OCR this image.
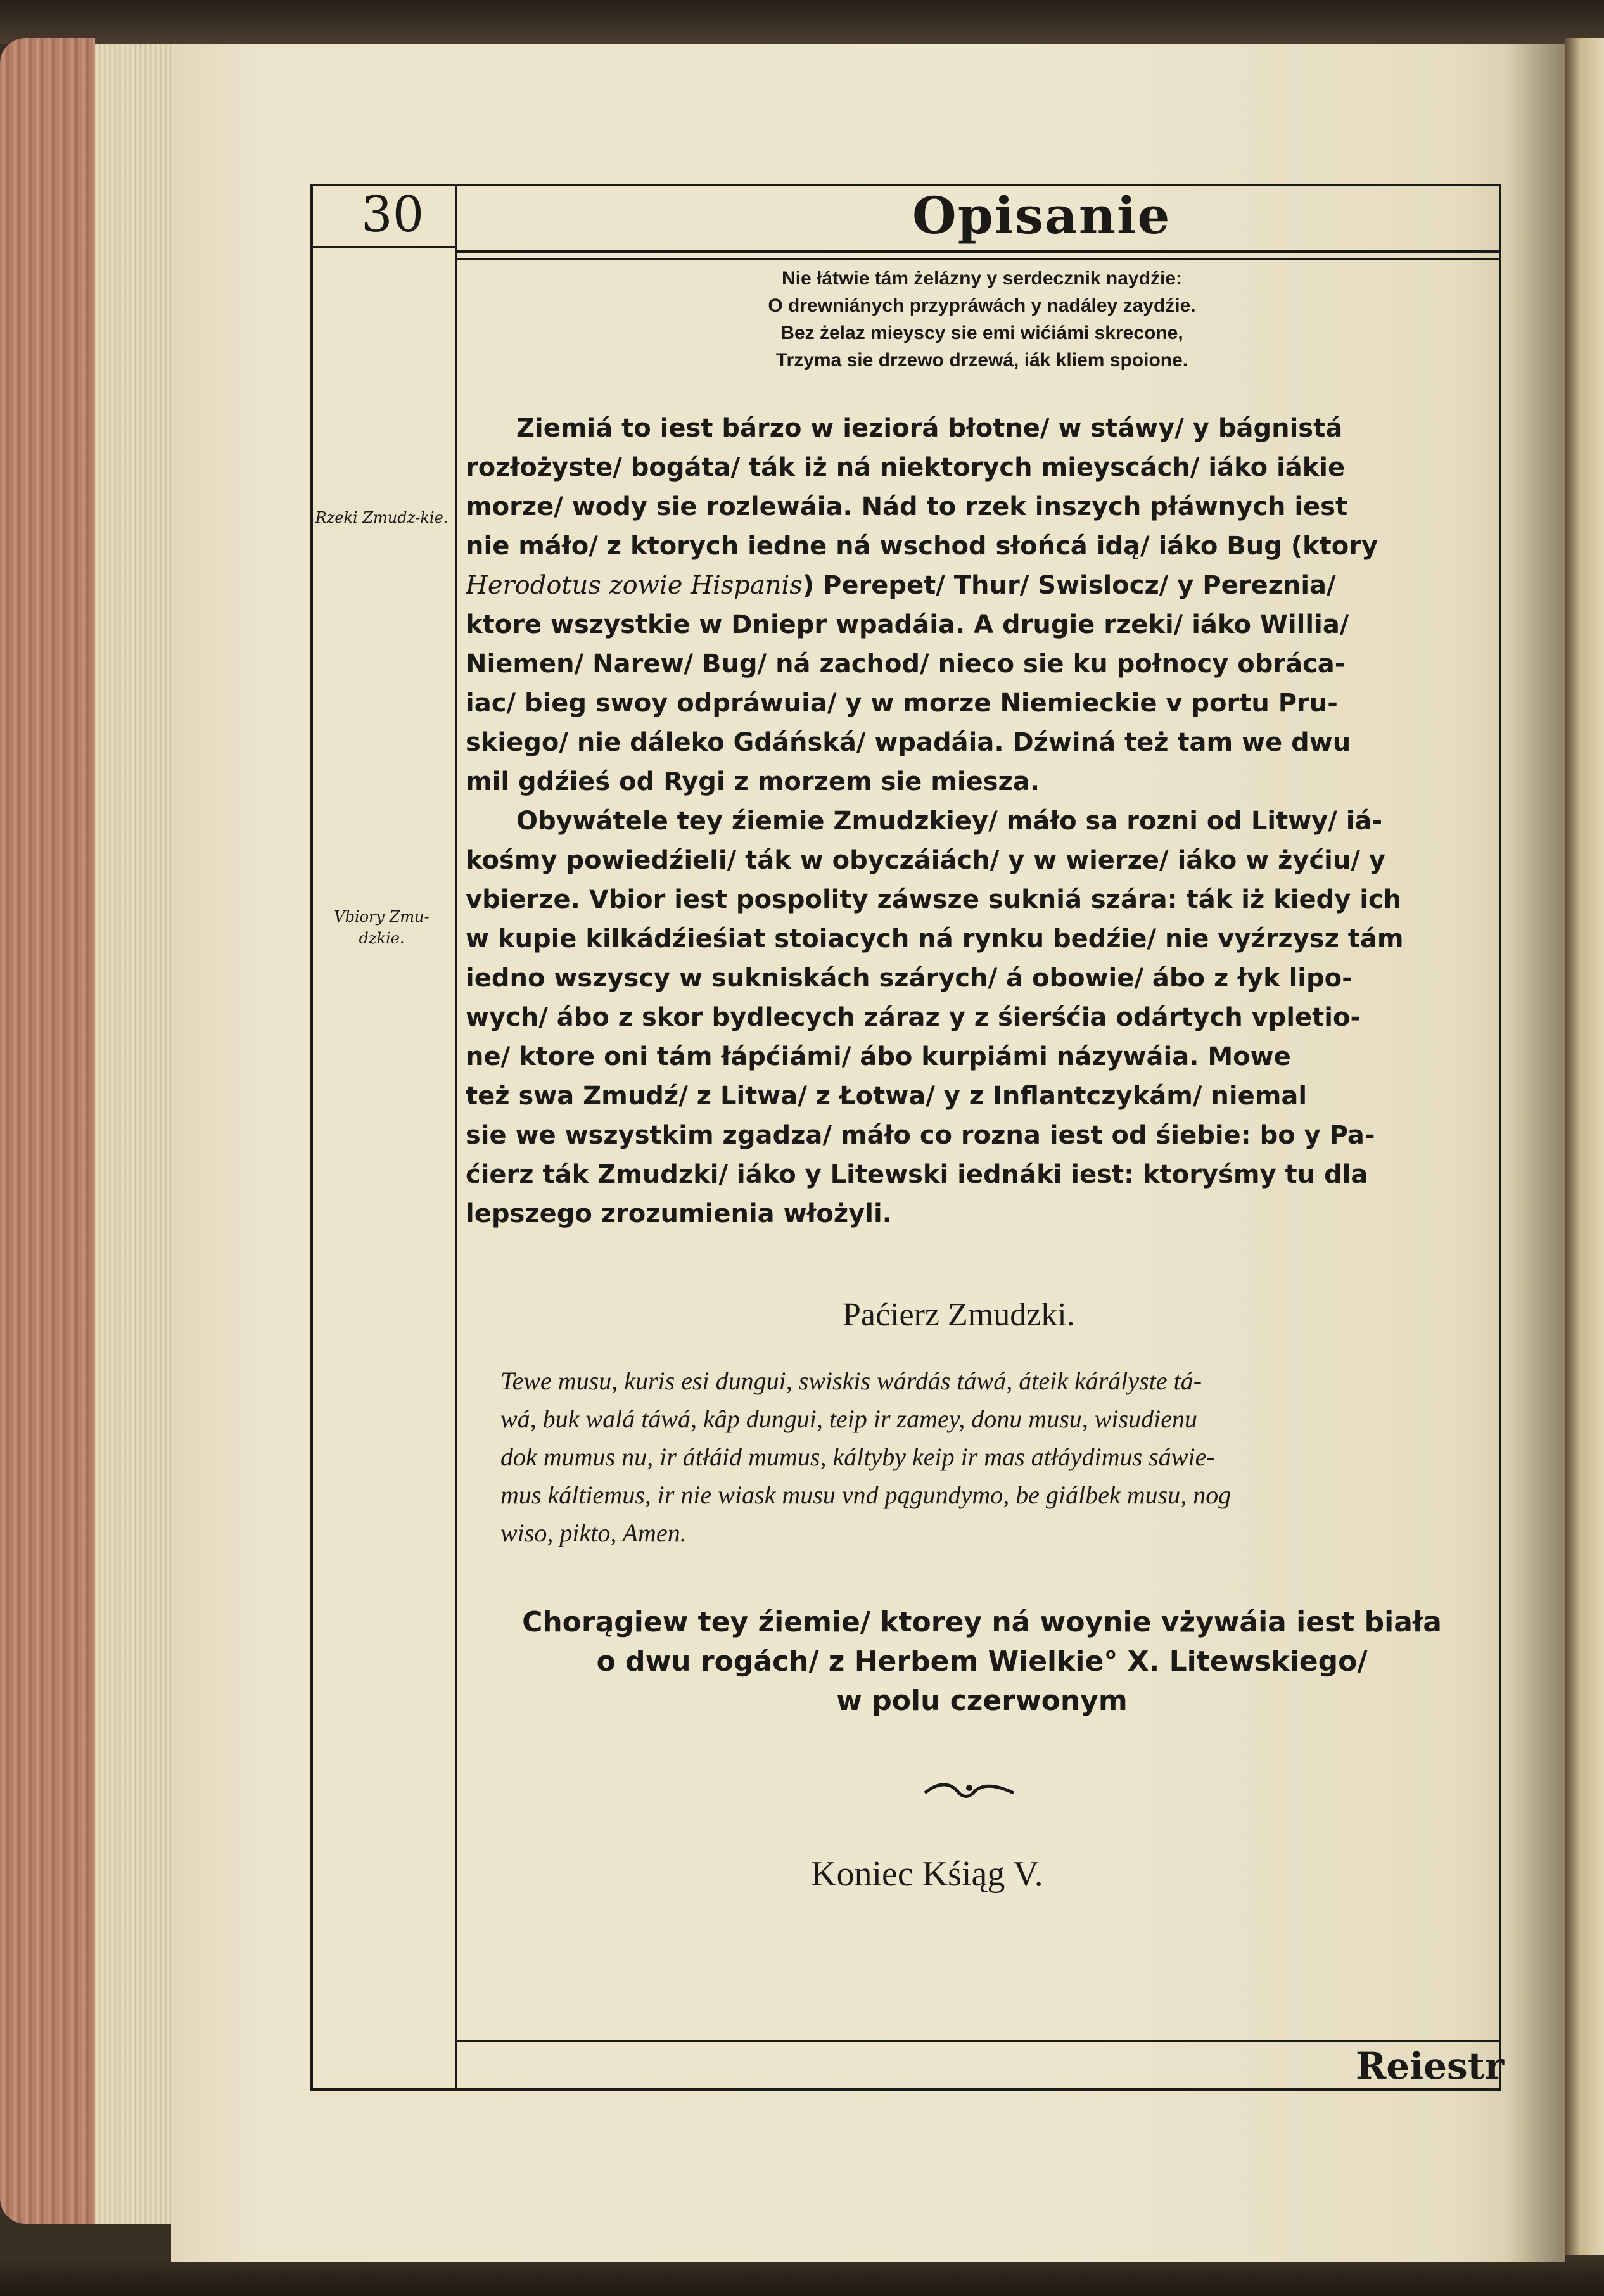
30	Opisanie
Nie łátwie tám żelázny y serdecznik naydźie:
O drewniánych przypráwách y nadáley zaydźie.
Bez żelaz mieyscy sie emi wićiámi skrecone,
Trzyma sie drzewo drzewá, iák kliem spoione.
Ziemiá to iest bárzo w ieziorá błotne/ w stáwy/ y bágnistá
rozłożyste/ bogáta/ ták iż ná niektorych mieyscách/ iáko iákie
morze/ wody sie rozlewáia. Nád to rzek inszych płáwnych iest
nie máło/ z ktorych iedne ná wschod słońcá idą/ iáko Bug (ktory
Herodotus zowie Hispanis) Perepet/ Thur/ Swislocz/ y Pereznia/
ktore wszystkie w Dniepr wpadáia. A drugie rzeki/ iáko Willia/
Niemen/ Narew/ Bug/ ná zachod/ nieco sie ku połnocy obráca-
iac/ bieg swoy odpráwuia/ y w morze Niemieckie v portu Pru-
skiego/ nie dáleko Gdáńská/ wpadáia. Dźwiná też tam we dwu
mil gdźieś od Rygi z morzem sie miesza.
Obywátele tey źiemie Zmudzkiey/ máło sa rozni od Litwy/ iá-
kośmy powiedźieli/ ták w obyczáiách/ y w wierze/ iáko w żyćiu/ y
vbierze. Vbior iest pospolity záwsze sukniá szára: ták iż kiedy ich
w kupie kilkádźieśiat stoiacych ná rynku bedźie/ nie vyźrzysz tám
iedno wszyscy w sukniskách szárych/ á obowie/ ábo z łyk lipo-
wych/ ábo z skor bydlecych záraz y z śierśćia odártych vpletio-
ne/ ktore oni tám łápćiámi/ ábo kurpiámi názywáia. Mowe
też swa Zmudź/ z Litwa/ z Łotwa/ y z Inflantczykám/ niemal
sie we wszystkim zgadza/ máło co rozna iest od śiebie: bo y Pa-
ćierz ták Zmudzki/ iáko y Litewski iednáki iest: ktoryśmy tu dla
lepszego zrozumienia włożyli.
Rzeki Zmudz-kie.
Vbiory Zmu-dzkie.
Paćierz Zmudzki.
Tewe musu, kuris esi dungui, swiskis wárdás táwá, áteik kárályste tá-
wá, buk walá táwá, kâp dungui, teip ir zamey, donu musu, wisudienu
dok mumus nu, ir átłáid mumus, káltyby keip ir mas atłáydimus sáwie-
mus káltiemus, ir nie wiask musu vnd pągundymo, be giálbek musu, nog
wiso, pikto, Amen.
Chorągiew tey źiemie/ ktorey ná woynie vżywáia iest biała
o dwu rogách/ z Herbem Wielkie° X. Litewskiego/
w polu czerwonym
Koniec Kśiąg V.
Reiestr
